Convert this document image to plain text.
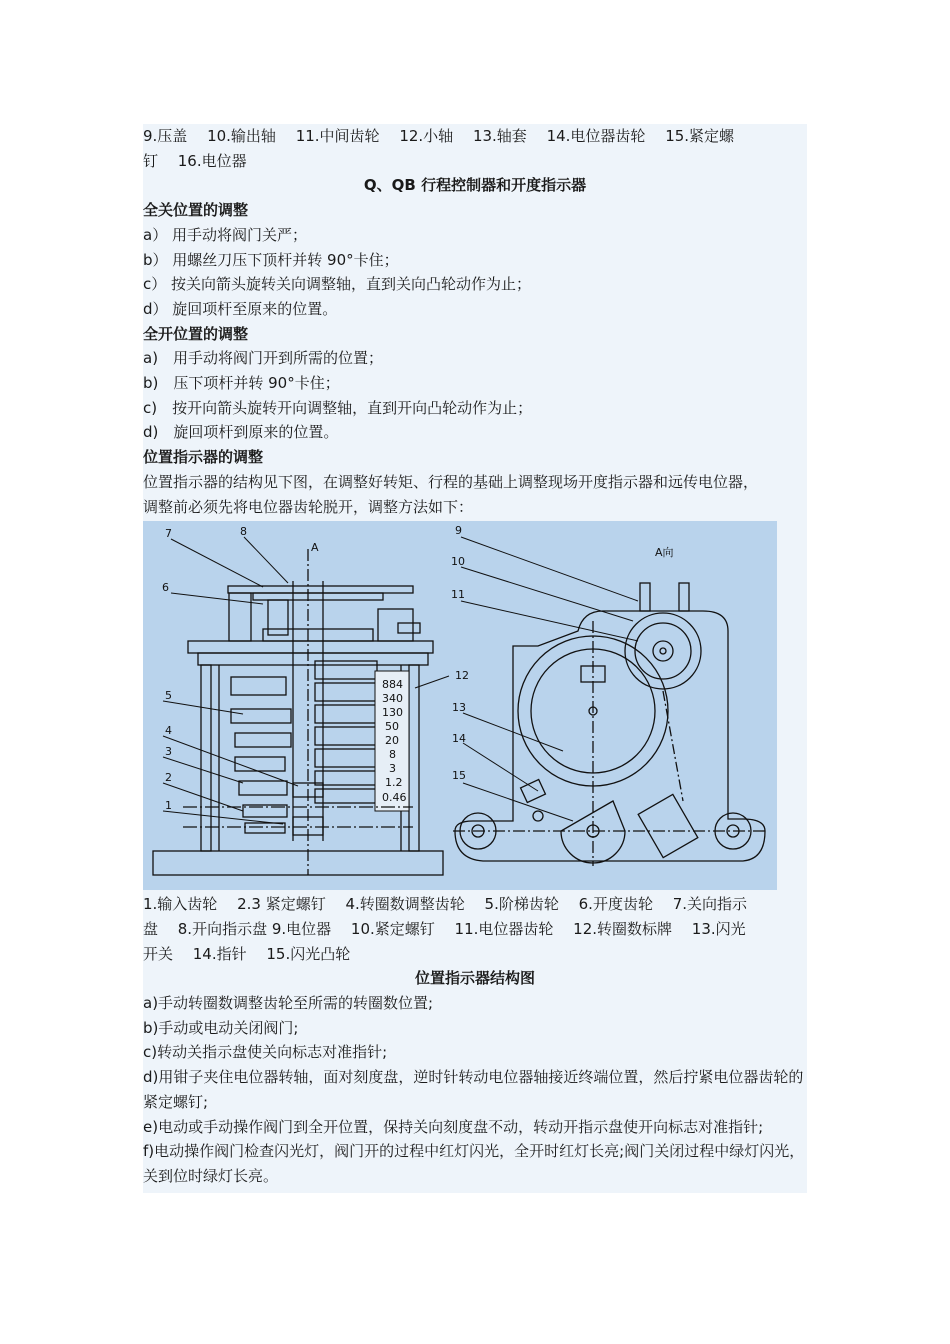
9.压盖　 10.输出轴　 11.中间齿轮　 12.小轴　 13.轴套　 14.电位器齿轮　 15.紧定螺
钉　 16.电位器
Q、QB 行程控制器和开度指示器
全关位置的调整
a） 用手动将阀门关严；
b） 用螺丝刀压下顶杆并转 90°卡住；
c） 按关向箭头旋转关向调整轴，直到关向凸轮动作为止；
d） 旋回项杆至原来的位置。
全开位置的调整
a)　用手动将阀门开到所需的位置；
b)　压下项杆并转 90°卡住；
c)　按开向箭头旋转开向调整轴，直到开向凸轮动作为止；
d)　旋回项杆到原来的位置。
位置指示器的调整
位置指示器的结构见下图，在调整好转矩、行程的基础上调整现场开度指示器和远传电位器，
调整前必须先将电位器齿轮脱开，调整方法如下：
7	8
A
6
5
4
3
2
1
884
340
130
50
20
8
3
1.2
0.46
9
10
11
12
13
14
15
A向
1.输入齿轮　 2.3 紧定螺钉　 4.转圈数调整齿轮　 5.阶梯齿轮　 6.开度齿轮　 7.关向指示
盘　 8.开向指示盘 9.电位器　 10.紧定螺钉　 11.电位器齿轮　 12.转圈数标牌　 13.闪光
开关　 14.指针　 15.闪光凸轮
位置指示器结构图
a)手动转圈数调整齿轮至所需的转圈数位置;
b)手动或电动关闭阀门;
c)转动关指示盘使关向标志对准指针;
d)用钳子夹住电位器转轴，面对刻度盘，逆时针转动电位器轴接近终端位置，然后拧紧电位器齿轮的紧定螺钉;
e)电动或手动操作阀门到全开位置，保持关向刻度盘不动，转动开指示盘使开向标志对准指针;
f)电动操作阀门检查闪光灯，阀门开的过程中红灯闪光，全开时红灯长亮;阀门关闭过程中绿灯闪光，关到位时绿灯长亮。
